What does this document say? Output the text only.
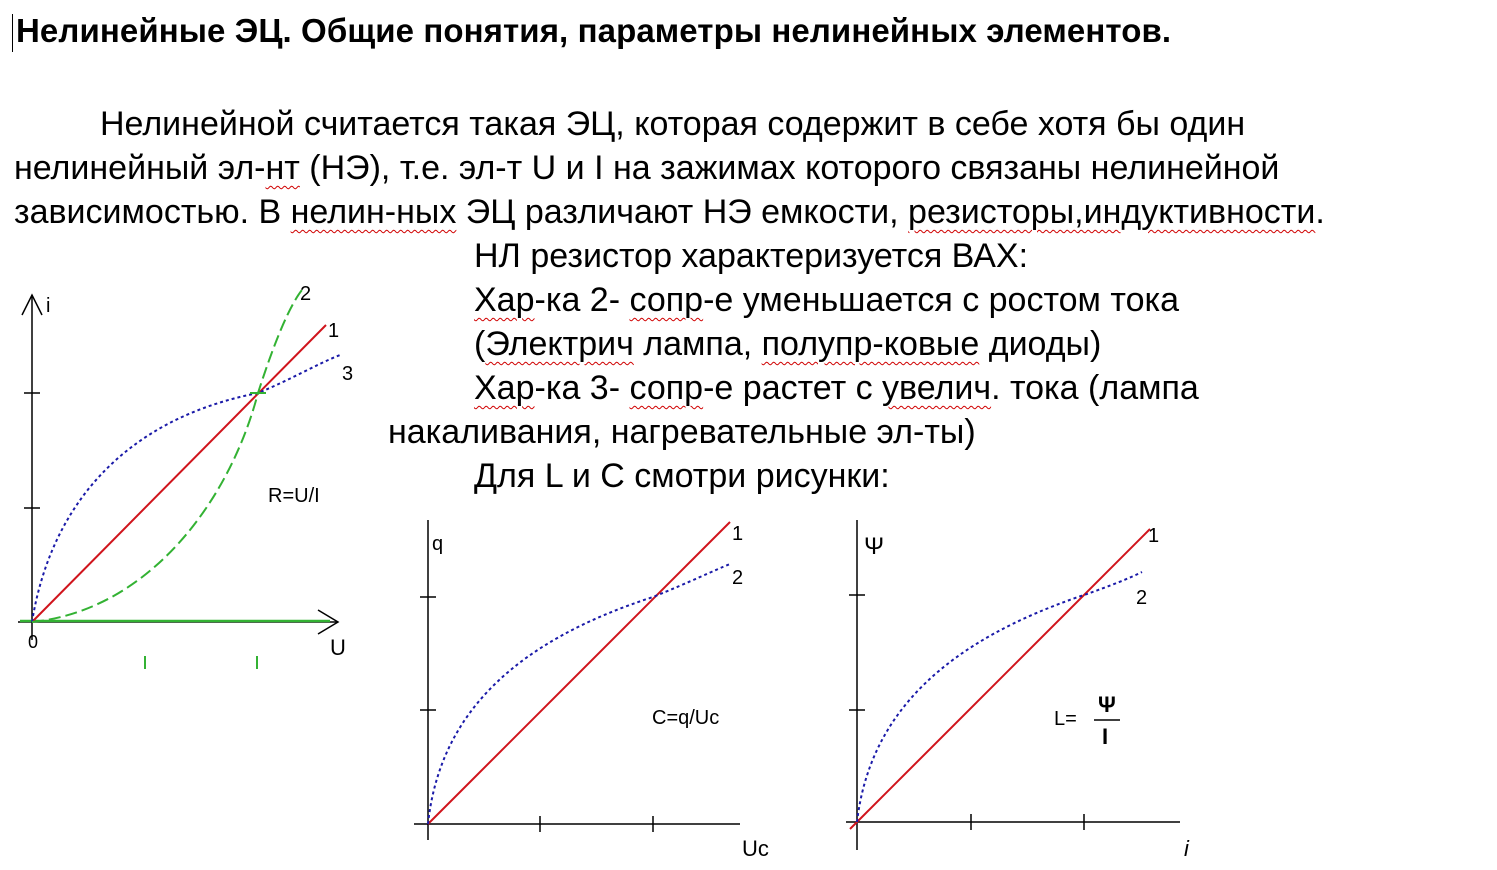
Нелинейные ЭЦ. Общие понятия, параметры нелинейных элементов.
Нелинейной считается такая ЭЦ, которая содержит в себе хотя бы один
нелинейный эл-нт (НЭ), т.е. эл-т U и I на зажимах которого связаны нелинейной
зависимостью. В нелин-ных ЭЦ различают НЭ емкости, резисторы,индуктивности.

НЛ резистор характеризуется ВАХ:

Хар-ка 2- сопр-е уменьшается с ростом тока

(Электрич лампа, полупр-ковые диоды)

Хар-ка 3- сопр-е растет с увелич. тока (лампа

накаливания, нагревательные эл-ты)

Для L и C смотри рисунки:

i
U
0
1
2
3
R=U/I
q
Uc
1
2
C=q/Uc
Ψ
i
1
2
L=
Ψ
I
